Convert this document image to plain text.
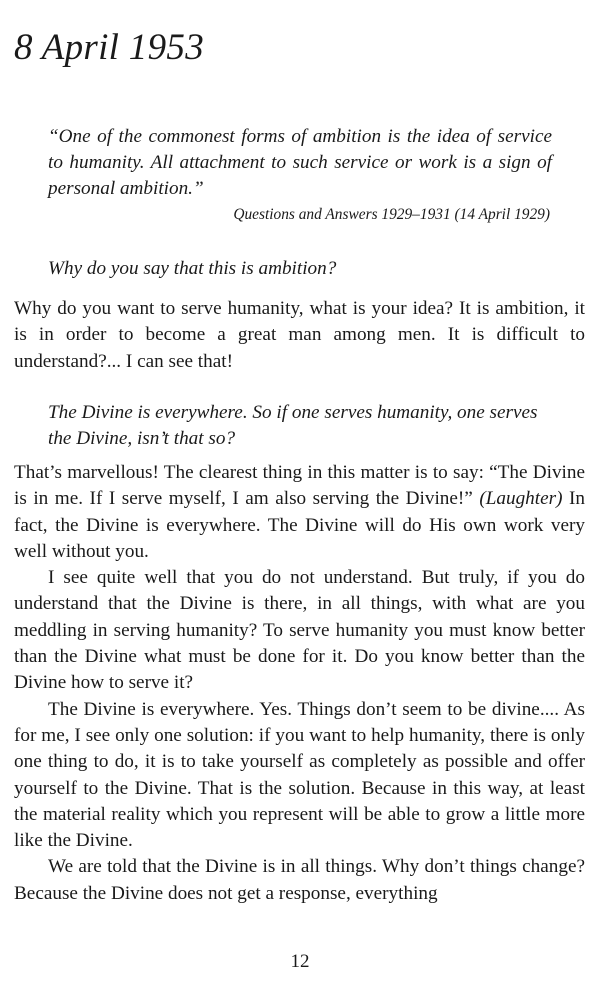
8 April 1953

“One of the commonest forms of ambition is the idea of service to humanity. All attachment to such service or work is a sign of personal ambition.”

Questions and Answers 1929–1931 (14 April 1929)

Why do you say that this is ambition?

Why do you want to serve humanity, what is your idea? It is ambition, it is in order to become a great man among men. It is difficult to understand?... I can see that!

The Divine is everywhere. So if one serves humanity, one serves the Divine, isn’t that so?

That’s marvellous! The clearest thing in this matter is to say: “The Divine is in me. If I serve myself, I am also serving the Divine!” (Laughter) In fact, the Divine is everywhere. The Divine will do His own work very well without you.

I see quite well that you do not understand. But truly, if you do understand that the Divine is there, in all things, with what are you meddling in serving humanity? To serve humanity you must know better than the Divine what must be done for it. Do you know better than the Divine how to serve it?

The Divine is everywhere. Yes. Things don’t seem to be divine.... As for me, I see only one solution: if you want to help humanity, there is only one thing to do, it is to take yourself as completely as possible and offer yourself to the Divine. That is the solution. Because in this way, at least the material reality which you represent will be able to grow a little more like the Divine.

We are told that the Divine is in all things. Why don’t things change? Because the Divine does not get a response, everything

12
